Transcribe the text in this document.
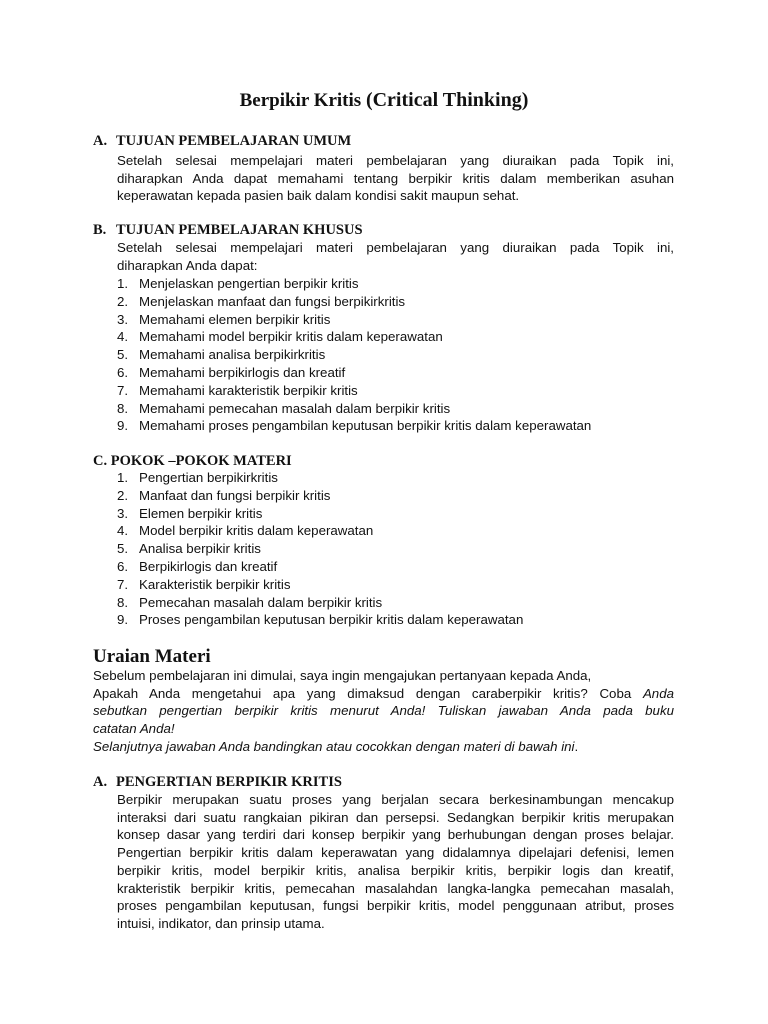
Berpikir Kritis (Critical Thinking)
A. TUJUAN PEMBELAJARAN UMUM
Setelah selesai mempelajari materi pembelajaran yang diuraikan pada Topik ini,
diharapkan Anda dapat memahami tentang berpikir kritis dalam memberikan asuhan
keperawatan kepada pasien baik dalam kondisi sakit maupun sehat.
B. TUJUAN PEMBELAJARAN KHUSUS
Setelah selesai mempelajari materi pembelajaran yang diuraikan pada Topik ini,
diharapkan Anda dapat:
1. Menjelaskan pengertian berpikir kritis
2. Menjelaskan manfaat dan fungsi berpikirkritis
3. Memahami elemen berpikir kritis
4. Memahami model berpikir kritis dalam keperawatan
5. Memahami analisa berpikirkritis
6. Memahami berpikirlogis dan kreatif
7. Memahami karakteristik berpikir kritis
8. Memahami pemecahan masalah dalam berpikir kritis
9. Memahami proses pengambilan keputusan berpikir kritis dalam keperawatan
C. POKOK –POKOK MATERI
1. Pengertian berpikirkritis
2. Manfaat dan fungsi berpikir kritis
3. Elemen berpikir kritis
4. Model berpikir kritis dalam keperawatan
5. Analisa berpikir kritis
6. Berpikirlogis dan kreatif
7. Karakteristik berpikir kritis
8. Pemecahan masalah dalam berpikir kritis
9. Proses pengambilan keputusan berpikir kritis dalam keperawatan
Uraian Materi
Sebelum pembelajaran ini dimulai, saya ingin mengajukan pertanyaan kepada Anda,
Apakah Anda mengetahui apa yang dimaksud dengan caraberpikir kritis? Coba Anda
sebutkan pengertian berpikir kritis menurut Anda! Tuliskan jawaban Anda pada buku
catatan Anda!
Selanjutnya jawaban Anda bandingkan atau cocokkan dengan materi di bawah ini.
A. PENGERTIAN BERPIKIR KRITIS
Berpikir merupakan suatu proses yang berjalan secara berkesinambungan mencakup
interaksi dari suatu rangkaian pikiran dan persepsi. Sedangkan berpikir kritis merupakan
konsep dasar yang terdiri dari konsep berpikir yang berhubungan dengan proses belajar.
Pengertian berpikir kritis dalam keperawatan yang didalamnya dipelajari defenisi, lemen
berpikir kritis, model berpikir kritis, analisa berpikir kritis, berpikir logis dan kreatif,
krakteristik berpikir kritis, pemecahan masalahdan langka-langka pemecahan masalah,
proses pengambilan keputusan, fungsi berpikir kritis, model penggunaan atribut, proses
intuisi, indikator, dan prinsip utama.
